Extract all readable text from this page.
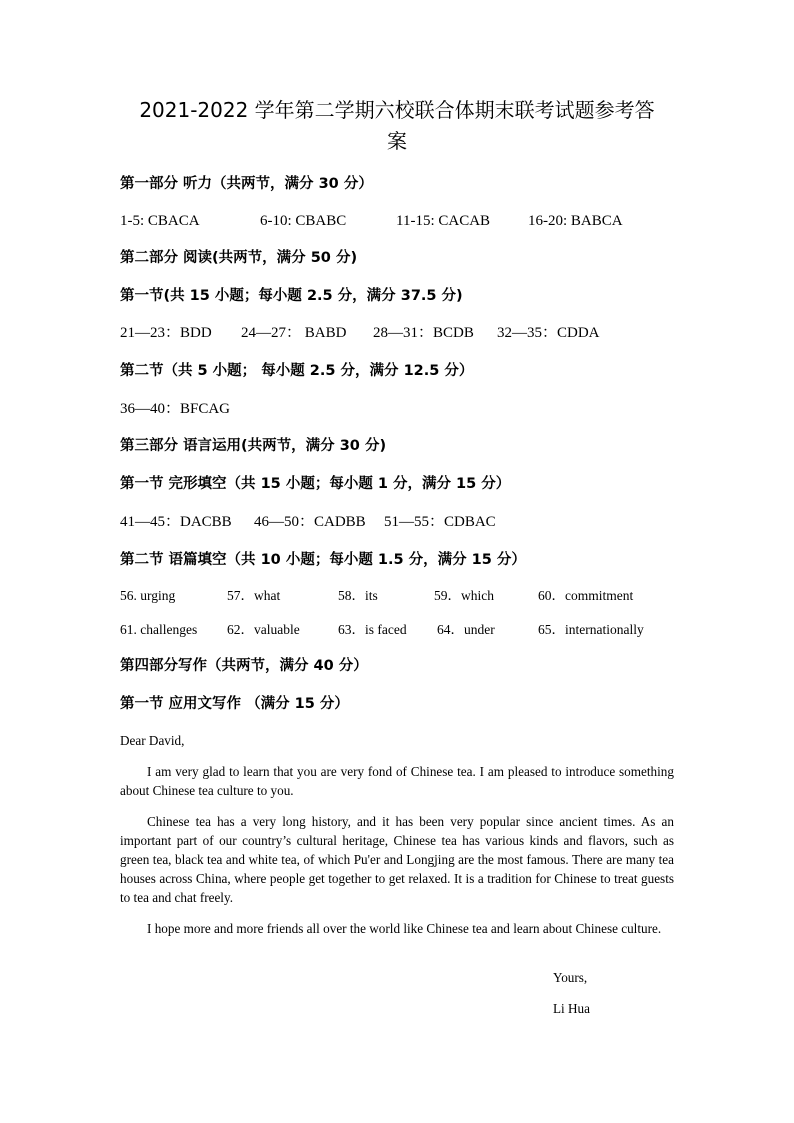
2021-2022 学年第二学期六校联合体期末联考试题参考答
案
第一部分 听力（共两节，满分 30 分）
1-5: CBACA	6-10: CBABC	11-15: CACAB	16-20: BABCA
第二部分 阅读(共两节，满分 50 分)
第一节(共 15 小题；每小题 2.5 分，满分 37.5 分)
21—23：BDD 24—27： BABD 28—31：BCDB 32—35：CDDA
第二节（共 5 小题； 每小题 2.5 分，满分 12.5 分）
36—40：BFCAG
第三部分 语言运用(共两节，满分 30 分)
第一节 完形填空（共 15 小题；每小题 1 分，满分 15 分）
41—45：DACBB 46—50：CADBB 51—55：CDBAC
第二节 语篇填空（共 10 小题；每小题 1.5 分，满分 15 分）
56. urging	57．what	58．its	59．which	60．commitment
61. challenges 62．valuable	63．is faced 64．under	65．internationally
第四部分写作（共两节，满分 40 分）
第一节 应用文写作 （满分 15 分）

Dear David,

I am very glad to learn that you are very fond of Chinese tea. I am pleased to introduce something about Chinese tea culture to you.

Chinese tea has a very long history, and it has been very popular since ancient times. As an important part of our country’s cultural heritage, Chinese tea has various kinds and flavors, such as green tea, black tea and white tea, of which Pu'er and Longjing are the most famous. There are many tea houses across China, where people get together to get relaxed. It is a tradition for Chinese to treat guests to tea and chat freely.

I hope more and more friends all over the world like Chinese tea and learn about Chinese culture.

Yours,
Li Hua
